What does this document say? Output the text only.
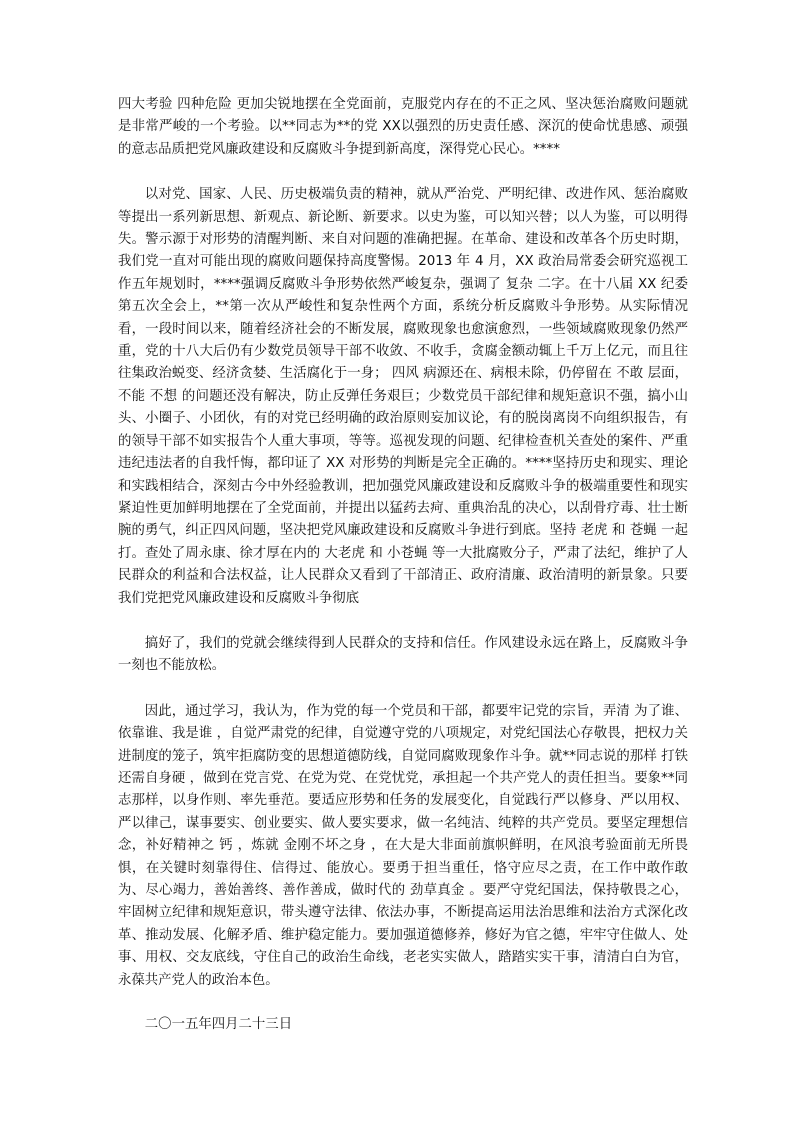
四大考验 四种危险 更加尖锐地摆在全党面前，克服党内存在的不正之风、坚决惩治腐败问题就是非常严峻的一个考验。以**同志为**的党 XX以强烈的历史责任感、深沉的使命忧患感、顽强的意志品质把党风廉政建设和反腐败斗争提到新高度，深得党心民心。****

以对党、国家、人民、历史极端负责的精神，就从严治党、严明纪律、改进作风、惩治腐败等提出一系列新思想、新观点、新论断、新要求。以史为鉴，可以知兴替；以人为鉴，可以明得失。警示源于对形势的清醒判断、来自对问题的准确把握。在革命、建设和改革各个历史时期，我们党一直对可能出现的腐败问题保持高度警惕。2013 年 4 月，XX 政治局常委会研究巡视工作五年规划时，****强调反腐败斗争形势依然严峻复杂，强调了 复杂 二字。在十八届 XX 纪委第五次全会上，**第一次从严峻性和复杂性两个方面，系统分析反腐败斗争形势。从实际情况看，一段时间以来，随着经济社会的不断发展，腐败现象也愈演愈烈，一些领域腐败现象仍然严重，党的十八大后仍有少数党员领导干部不收敛、不收手，贪腐金额动辄上千万上亿元，而且往往集政治蜕变、经济贪婪、生活腐化于一身； 四风 病源还在、病根未除，仍停留在 不敢 层面， 不能 不想 的问题还没有解决，防止反弹任务艰巨；少数党员干部纪律和规矩意识不强，搞小山头、小圈子、小团伙，有的对党已经明确的政治原则妄加议论，有的脱岗离岗不向组织报告，有的领导干部不如实报告个人重大事项，等等。巡视发现的问题、纪律检查机关查处的案件、严重违纪违法者的自我忏悔，都印证了 XX 对形势的判断是完全正确的。****坚持历史和现实、理论和实践相结合，深刻古今中外经验教训，把加强党风廉政建设和反腐败斗争的极端重要性和现实紧迫性更加鲜明地摆在了全党面前，并提出以猛药去疴、重典治乱的决心，以刮骨疗毒、壮士断腕的勇气，纠正四风问题，坚决把党风廉政建设和反腐败斗争进行到底。坚持 老虎 和 苍蝇 一起打。查处了周永康、徐才厚在内的 大老虎 和 小苍蝇 等一大批腐败分子，严肃了法纪，维护了人民群众的利益和合法权益，让人民群众又看到了干部清正、政府清廉、政治清明的新景象。只要我们党把党风廉政建设和反腐败斗争彻底

搞好了，我们的党就会继续得到人民群众的支持和信任。作风建设永远在路上，反腐败斗争一刻也不能放松。

因此，通过学习，我认为，作为党的每一个党员和干部，都要牢记党的宗旨，弄清 为了谁、依靠谁、我是谁 ，自觉严肃党的纪律，自觉遵守党的八项规定，对党纪国法心存敬畏，把权力关进制度的笼子，筑牢拒腐防变的思想道德防线，自觉同腐败现象作斗争。就**同志说的那样 打铁还需自身硬 ，做到在党言党、在党为党、在党忧党，承担起一个共产党人的责任担当。要象**同志那样，以身作则、率先垂范。要适应形势和任务的发展变化，自觉践行严以修身、严以用权、严以律己，谋事要实、创业要实、做人要实要求，做一名纯洁、纯粹的共产党员。要坚定理想信念，补好精神之 钙 ，炼就 金刚不坏之身 ，在大是大非面前旗帜鲜明，在风浪考验面前无所畏惧，在关键时刻靠得住、信得过、能放心。要勇于担当重任，恪守应尽之责，在工作中敢作敢为、尽心竭力，善始善终、善作善成，做时代的 劲草真金 。要严守党纪国法，保持敬畏之心，牢固树立纪律和规矩意识，带头遵守法律、依法办事，不断提高运用法治思维和法治方式深化改革、推动发展、化解矛盾、维护稳定能力。要加强道德修养，修好为官之德，牢牢守住做人、处事、用权、交友底线，守住自己的政治生命线，老老实实做人，踏踏实实干事，清清白白为官，永葆共产党人的政治本色。

二〇一五年四月二十三日
